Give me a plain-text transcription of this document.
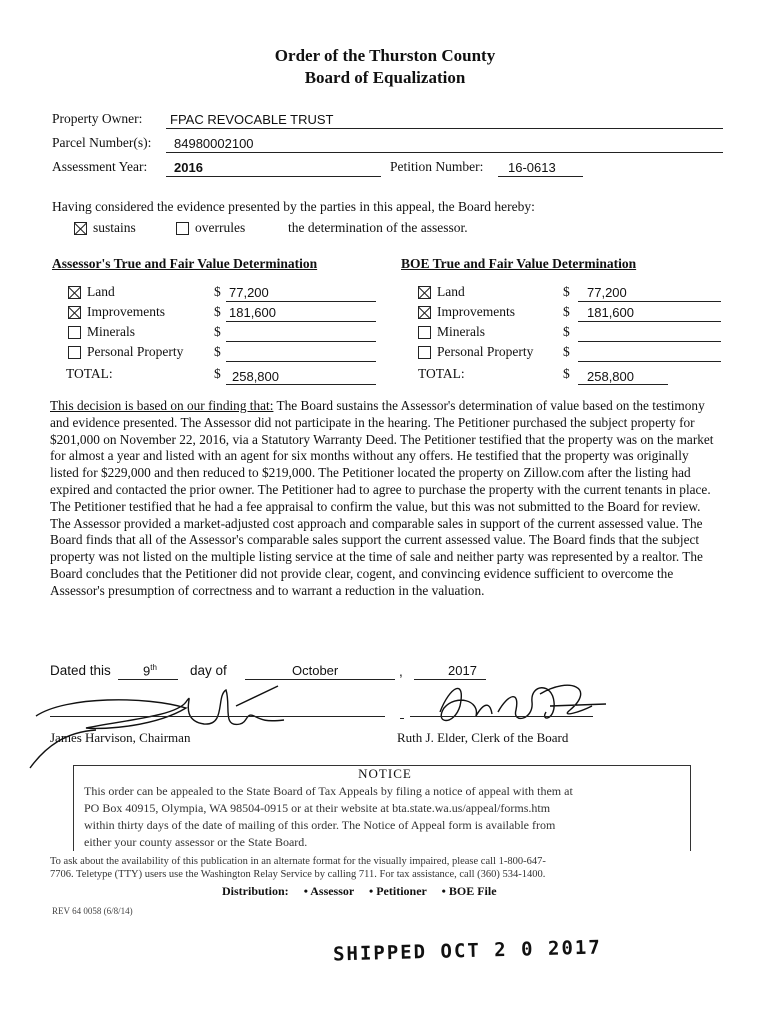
Order of the Thurston County
Board of Equalization
Property Owner: FPAC REVOCABLE TRUST
Parcel Number(s): 84980002100
Assessment Year: 2016	Petition Number: 16-0613
Having considered the evidence presented by the parties in this appeal, the Board hereby:
sustains	overrules	the determination of the assessor.
Assessor's True and Fair Value Determination
Land	$ 77,200
Improvements	$ 181,600
Minerals	$
Personal Property $
TOTAL:	$ 258,800
BOE True and Fair Value Determination
Land	$ 77,200
Improvements	$ 181,600
Minerals	$
Personal Property $
TOTAL:	$ 258,800
This decision is based on our finding that: The Board sustains the Assessor's determination of value based on the testimony and evidence presented. The Assessor did not participate in the hearing. The Petitioner purchased the subject property for $201,000 on November 22, 2016, via a Statutory Warranty Deed. The Petitioner testified that the property was on the market for almost a year and listed with an agent for six months without any offers. He testified that the property was originally listed for $229,000 and then reduced to $219,000. The Petitioner located the property on Zillow.com after the listing had expired and contacted the prior owner. The Petitioner had to agree to purchase the property with the current tenants in place. The Petitioner testified that he had a fee appraisal to confirm the value, but this was not submitted to the Board for review. The Assessor provided a market-adjusted cost approach and comparable sales in support of the current assessed value. The Board finds that all of the Assessor's comparable sales support the current assessed value. The Board finds that the subject property was not listed on the multiple listing service at the time of sale and neither party was represented by a realtor. The Board concludes that the Petitioner did not provide clear, cogent, and convincing evidence sufficient to overcome the Assessor's presumption of correctness and to warrant a reduction in the valuation.
Dated this 9th day of	October	,	2017
James Harvison, Chairman	Ruth J. Elder, Clerk of the Board
NOTICE
This order can be appealed to the State Board of Tax Appeals by filing a notice of appeal with them at
PO Box 40915, Olympia, WA 98504-0915 or at their website at bta.state.wa.us/appeal/forms.htm
within thirty days of the date of mailing of this order. The Notice of Appeal form is available from
either your county assessor or the State Board.
To ask about the availability of this publication in an alternate format for the visually impaired, please call 1-800-647-
7706. Teletype (TTY) users use the Washington Relay Service by calling 711. For tax assistance, call (360) 534-1400.
Distribution: • Assessor • Petitioner • BOE File
REV 64 0058 (6/8/14)
SHIPPED OCT 2 0 2017
